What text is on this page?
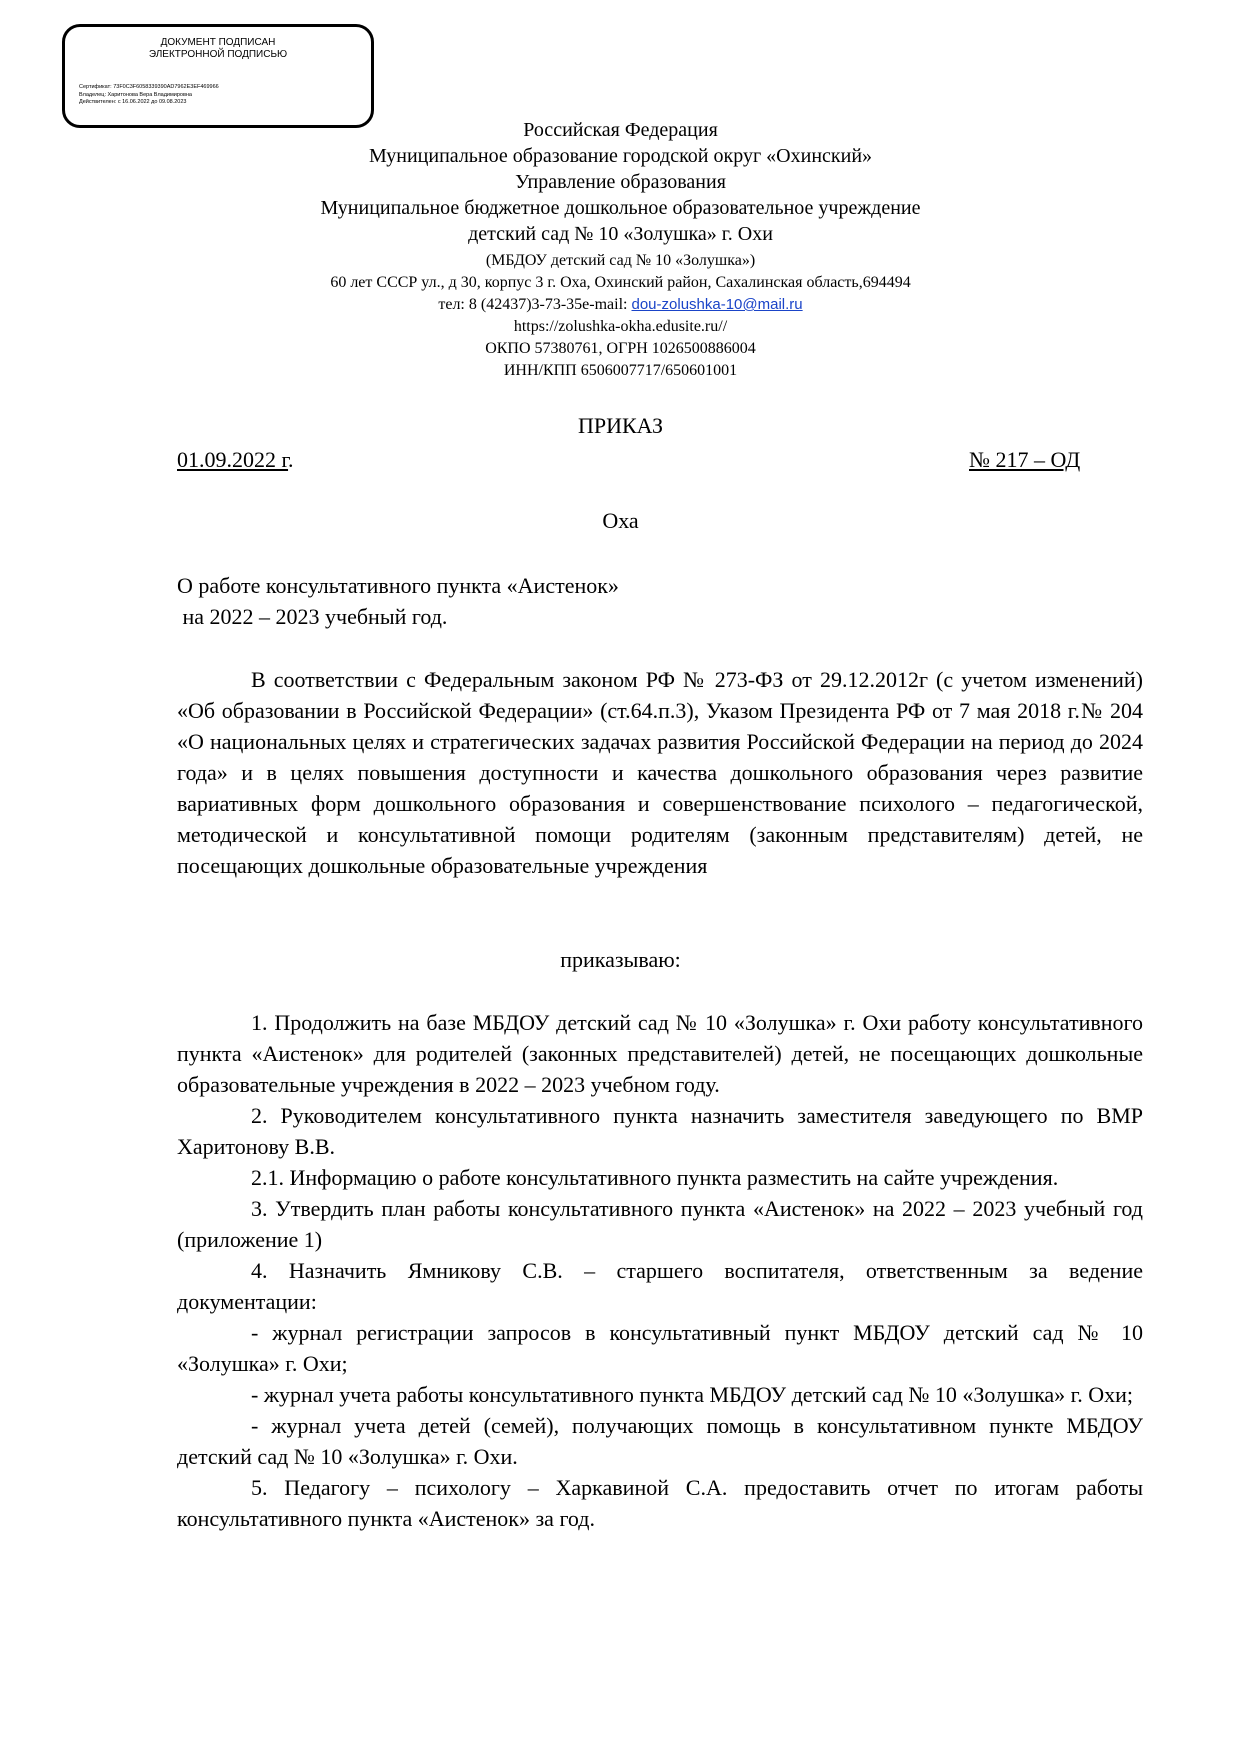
ДОКУМЕНТ ПОДПИСАН
ЭЛЕКТРОННОЙ ПОДПИСЬЮ
Сертификат: 73F0C3F6058339390AD7962E3EF469966
Владелец: Харитонова Вера Владимировна
Действителен: с 16.06.2022 до 09.08.2023
Российская Федерация
Муниципальное образование городской округ «Охинский»
Управление образования
Муниципальное бюджетное дошкольное образовательное учреждение
детский сад № 10 «Золушка» г. Охи
(МБДОУ детский сад № 10 «Золушка»)
60 лет СССР ул., д 30, корпус 3 г. Оха, Охинский район, Сахалинская область,694494
тел: 8 (42437)3-73-35e-mail: dou-zolushka-10@mail.ru
https://zolushka-okha.edusite.ru//
ОКПО 57380761, ОГРН 1026500886004
ИНН/КПП 6506007717/650601001
ПРИКАЗ
01.09.2022 г.	№ 217 – ОД
Оха
О работе консультативного пункта «Аистенок»
на 2022 – 2023 учебный год.

В соответствии с Федеральным законом РФ № 273-ФЗ от 29.12.2012г (с учетом изменений) «Об образовании в Российской Федерации» (ст.64.п.3), Указом Президента РФ от 7 мая 2018 г.№ 204 «О национальных целях и стратегических задачах развития Российской Федерации на период до 2024 года» и в целях повышения доступности и качества дошкольного образования через развитие вариативных форм дошкольного образования и совершенствование психолого – педагогической, методической и консультативной помощи родителям (законным представителям) детей, не посещающих дошкольные образовательные учреждения

приказываю:
1. Продолжить на базе МБДОУ детский сад № 10 «Золушка» г. Охи работу консультативного пункта «Аистенок» для родителей (законных представителей) детей, не посещающих дошкольные образовательные учреждения в 2022 – 2023 учебном году.
2. Руководителем консультативного пункта назначить заместителя заведующего по ВМР Харитонову В.В.
2.1. Информацию о работе консультативного пункта разместить на сайте учреждения.
3. Утвердить план работы консультативного пункта «Аистенок» на 2022 – 2023 учебный год (приложение 1)
4. Назначить Ямникову С.В. – старшего воспитателя, ответственным за ведение документации:
- журнал регистрации запросов в консультативный пункт МБДОУ детский сад № 10 «Золушка» г. Охи;
- журнал учета работы консультативного пункта МБДОУ детский сад № 10 «Золушка» г. Охи;
- журнал учета детей (семей), получающих помощь в консультативном пункте МБДОУ детский сад № 10 «Золушка» г. Охи.
5. Педагогу – психологу – Харкавиной С.А. предоставить отчет по итогам работы консультативного пункта «Аистенок» за год.
